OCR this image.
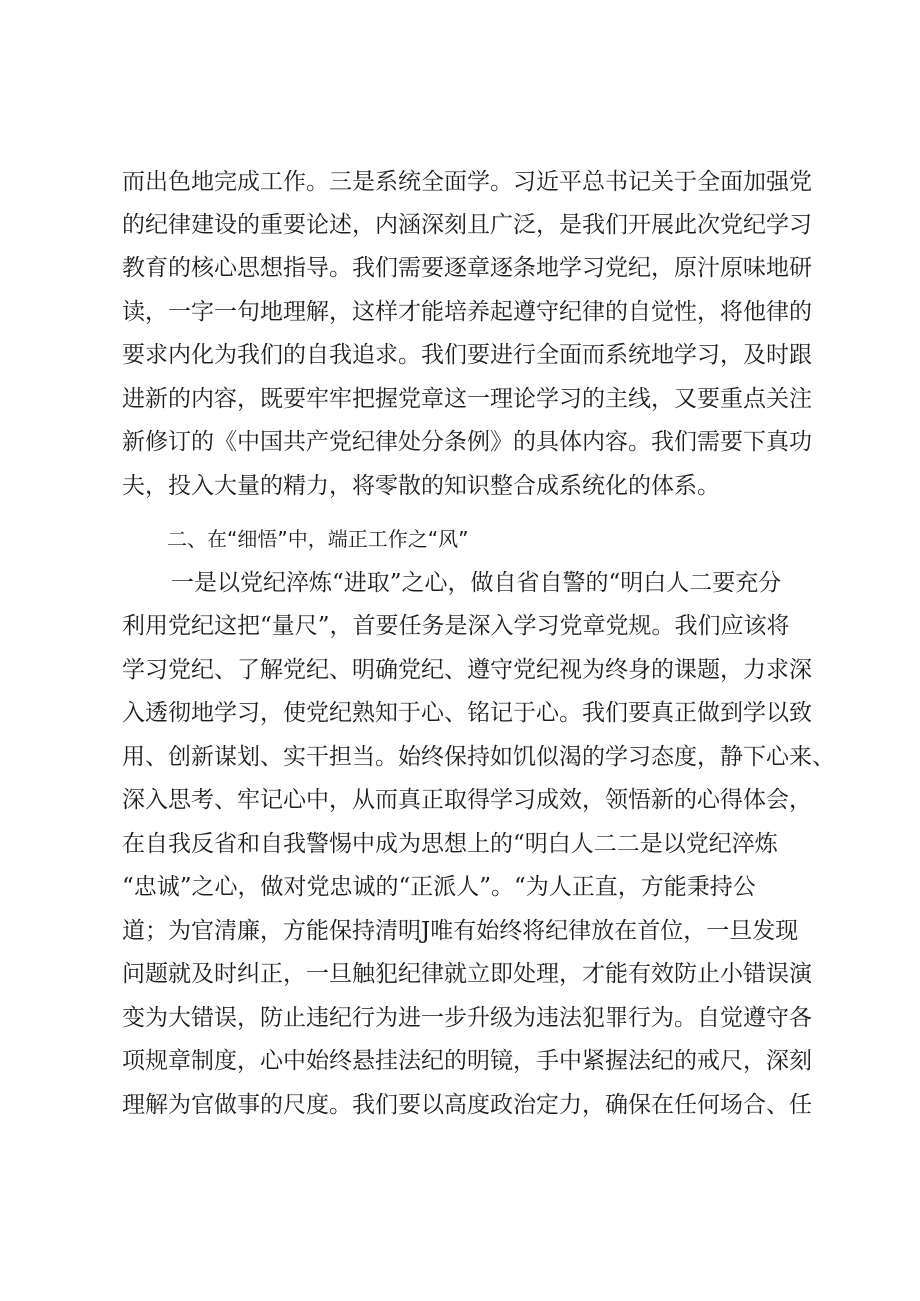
而出色地完成工作。三是系统全面学。习近平总书记关于全面加强党
的纪律建设的重要论述，内涵深刻且广泛，是我们开展此次党纪学习
教育的核心思想指导。我们需要逐章逐条地学习党纪，原汁原味地研
读，一字一句地理解，这样才能培养起遵守纪律的自觉性，将他律的
要求内化为我们的自我追求。我们要进行全面而系统地学习，及时跟
进新的内容，既要牢牢把握党章这一理论学习的主线，又要重点关注
新修订的《中国共产党纪律处分条例》的具体内容。我们需要下真功
夫，投入大量的精力，将零散的知识整合成系统化的体系。
二、在“细悟”中，端正工作之“风”
一是以党纪淬炼“进取”之心，做自省自警的“明白人二要充分
利用党纪这把“量尺”，首要任务是深入学习党章党规。我们应该将
学习党纪、了解党纪、明确党纪、遵守党纪视为终身的课题，力求深
入透彻地学习，使党纪熟知于心、铭记于心。我们要真正做到学以致
用、创新谋划、实干担当。始终保持如饥似渴的学习态度，静下心来、
深入思考、牢记心中，从而真正取得学习成效，领悟新的心得体会，
在自我反省和自我警惕中成为思想上的“明白人二二是以党纪淬炼
“忠诚”之心，做对党忠诚的“正派人”。“为人正直，方能秉持公
道；为官清廉，方能保持清明J唯有始终将纪律放在首位，一旦发现
问题就及时纠正，一旦触犯纪律就立即处理，才能有效防止小错误演
变为大错误，防止违纪行为进一步升级为违法犯罪行为。自觉遵守各
项规章制度，心中始终悬挂法纪的明镜，手中紧握法纪的戒尺，深刻
理解为官做事的尺度。我们要以高度政治定力，确保在任何场合、任
